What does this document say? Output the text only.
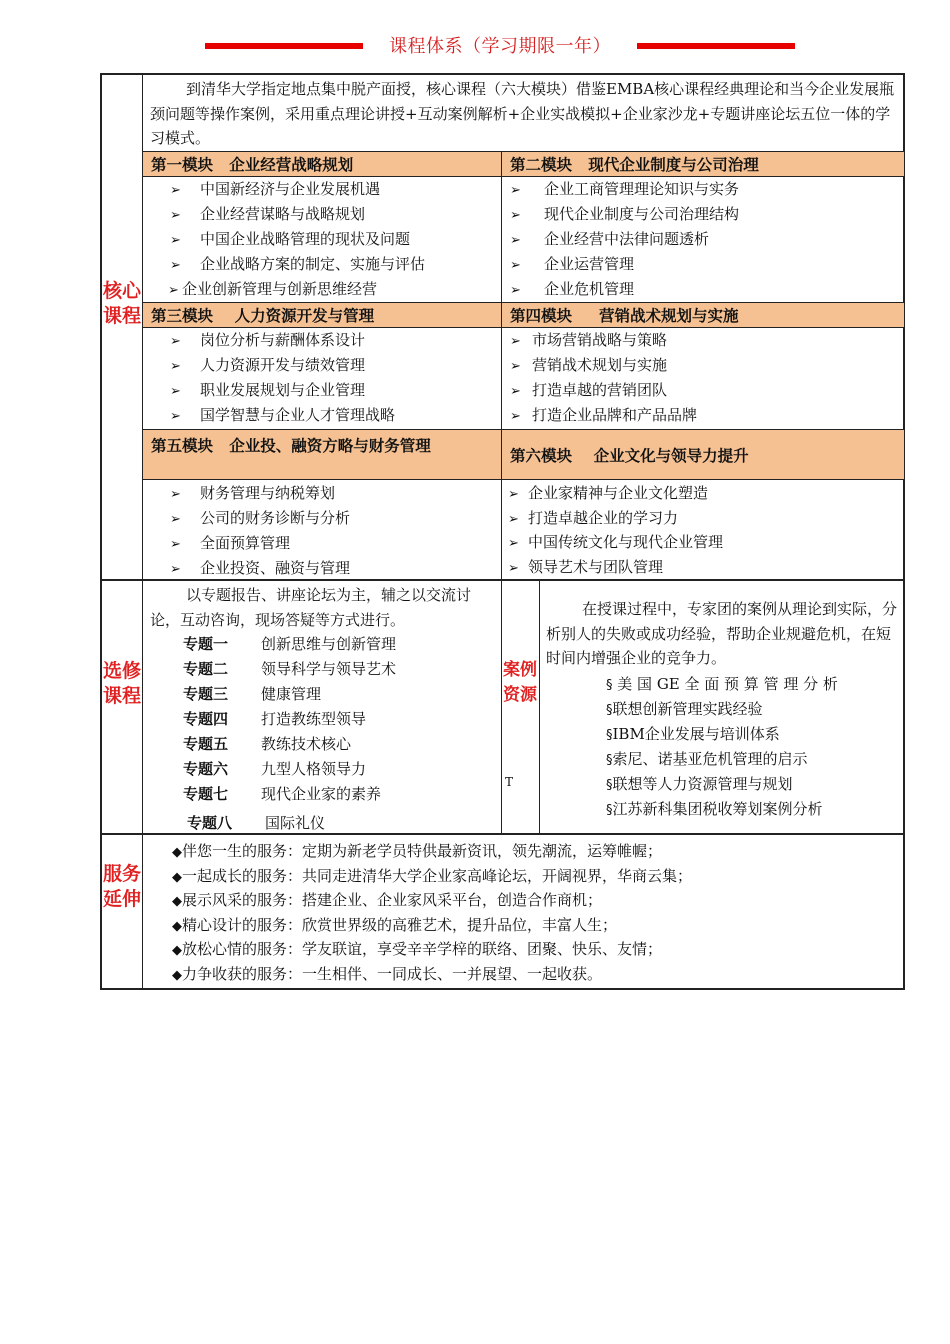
课程体系（学习期限一年）
核心课程
到清华大学指定地点集中脱产面授，核心课程（六大模块）借鉴EMBA核心课程经典理论和当今企业发展瓶颈问题等操作案例，采用重点理论讲授+互动案例解析+企业实战模拟+企业家沙龙+专题讲座论坛五位一体的学习模式。
第一模块
企业经营战略规划	第二模块
现代企业制度与公司治理
➢ 中国新经济与企业发展机遇
➢ 企业经营谋略与战略规划
➢ 中国企业战略管理的现状及问题
➢ 企业战略方案的制定、实施与评估
➢ 企业创新管理与创新思维经营
➢ 企业工商管理理论知识与实务
➢ 现代企业制度与公司治理结构
➢ 企业经营中法律问题透析
➢ 企业运营管理
➢ 企业危机管理
第三模块
人力资源开发与管理	第四模块
营销战术规划与实施
➢ 岗位分析与薪酬体系设计
➢ 人力资源开发与绩效管理
➢ 职业发展规划与企业管理
➢ 国学智慧与企业人才管理战略
➢ 市场营销战略与策略
➢ 营销战术规划与实施
➢ 打造卓越的营销团队
➢ 打造企业品牌和产品品牌
第五模块
企业投、融资方略与财务管理
第六模块
企业文化与领导力提升
➢ 财务管理与纳税筹划
➢ 公司的财务诊断与分析
➢ 全面预算管理
➢ 企业投资、融资与管理
➢ 企业家精神与企业文化塑造
➢ 打造卓越企业的学习力
➢ 中国传统文化与现代企业管理
➢ 领导艺术与团队管理
选修课程
以专题报告、讲座论坛为主，辅之以交流讨论，互动咨询，现场答疑等方式进行。
专题一 创新思维与创新管理
专题二 领导科学与领导艺术
专题三 健康管理
专题四 打造教练型领导
专题五 教练技术核心
专题六 九型人格领导力
专题七 现代企业家的素养
专题八 国际礼仪
案例资源
T
在授课过程中，专家团的案例从理论到实际，分析别人的失败或成功经验，帮助企业规避危机，在短时间内增强企业的竞争力。
§ 美 国 GE 全 面 预 算 管 理 分 析
§联想创新管理实践经验
§IBM企业发展与培训体系
§索尼、诺基亚危机管理的启示
§联想等人力资源管理与规划
§江苏新科集团税收筹划案例分析
服务延伸
◆伴您一生的服务：定期为新老学员特供最新资讯，领先潮流，运筹帷幄；
◆一起成长的服务：共同走进清华大学企业家高峰论坛，开阔视界，华商云集；
◆展示风采的服务：搭建企业、企业家风采平台，创造合作商机；
◆精心设计的服务：欣赏世界级的高雅艺术，提升品位，丰富人生；
◆放松心情的服务：学友联谊，享受辛辛学梓的联络、团聚、快乐、友情；
◆力争收获的服务：一生相伴、一同成长、一并展望、一起收获。
